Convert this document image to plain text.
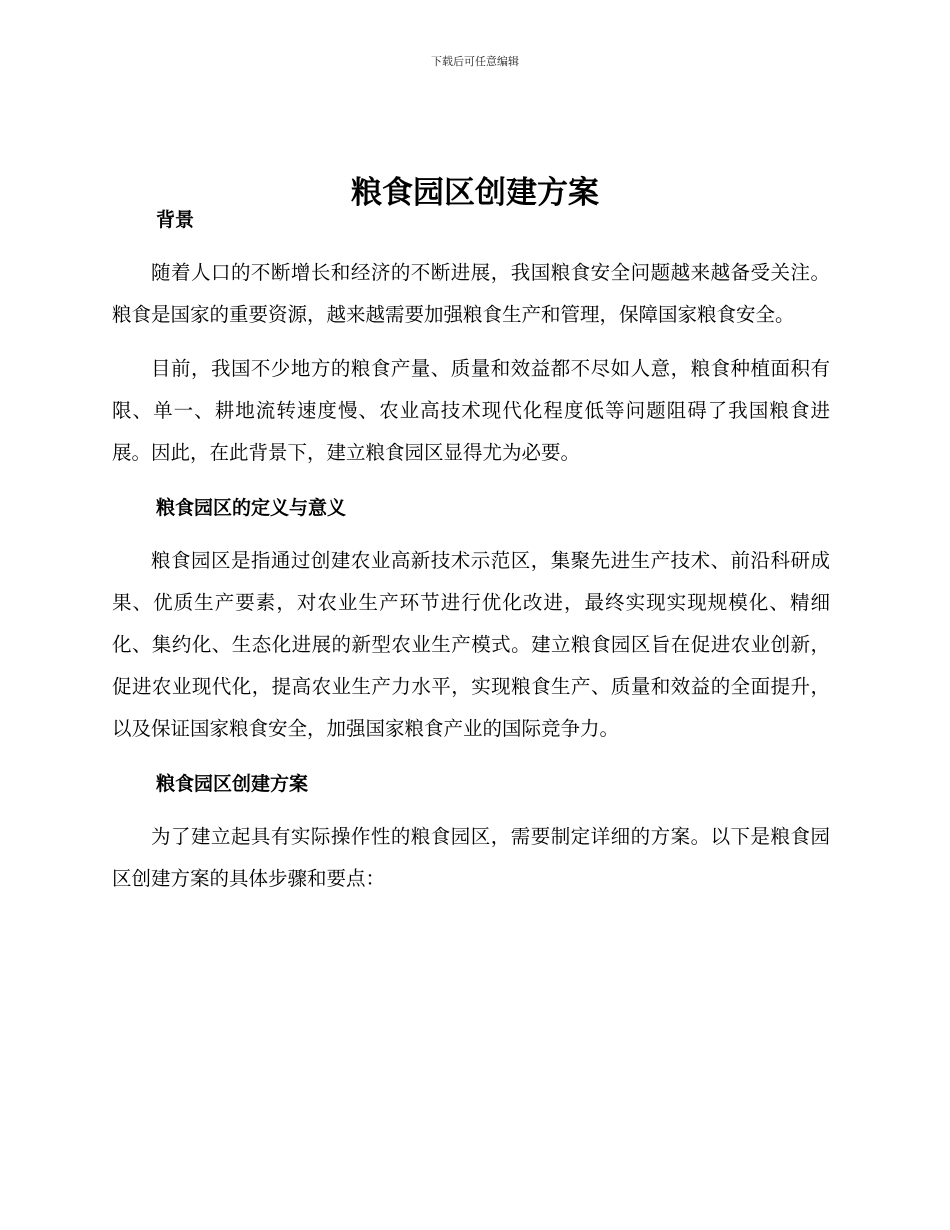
下载后可任意编辑
粮食园区创建方案
背景

随着人口的不断增长和经济的不断进展，我国粮食安全问题越来越备受关注。粮食是国家的重要资源，越来越需要加强粮食生产和管理，保障国家粮食安全。

目前，我国不少地方的粮食产量、质量和效益都不尽如人意，粮食种植面积有限、单一、耕地流转速度慢、农业高技术现代化程度低等问题阻碍了我国粮食进展。因此，在此背景下，建立粮食园区显得尤为必要。

粮食园区的定义与意义

粮食园区是指通过创建农业高新技术示范区，集聚先进生产技术、前沿科研成果、优质生产要素，对农业生产环节进行优化改进，最终实现实现规模化、精细化、集约化、生态化进展的新型农业生产模式。建立粮食园区旨在促进农业创新，促进农业现代化，提高农业生产力水平，实现粮食生产、质量和效益的全面提升，以及保证国家粮食安全，加强国家粮食产业的国际竞争力。

粮食园区创建方案

为了建立起具有实际操作性的粮食园区，需要制定详细的方案。以下是粮食园区创建方案的具体步骤和要点：
